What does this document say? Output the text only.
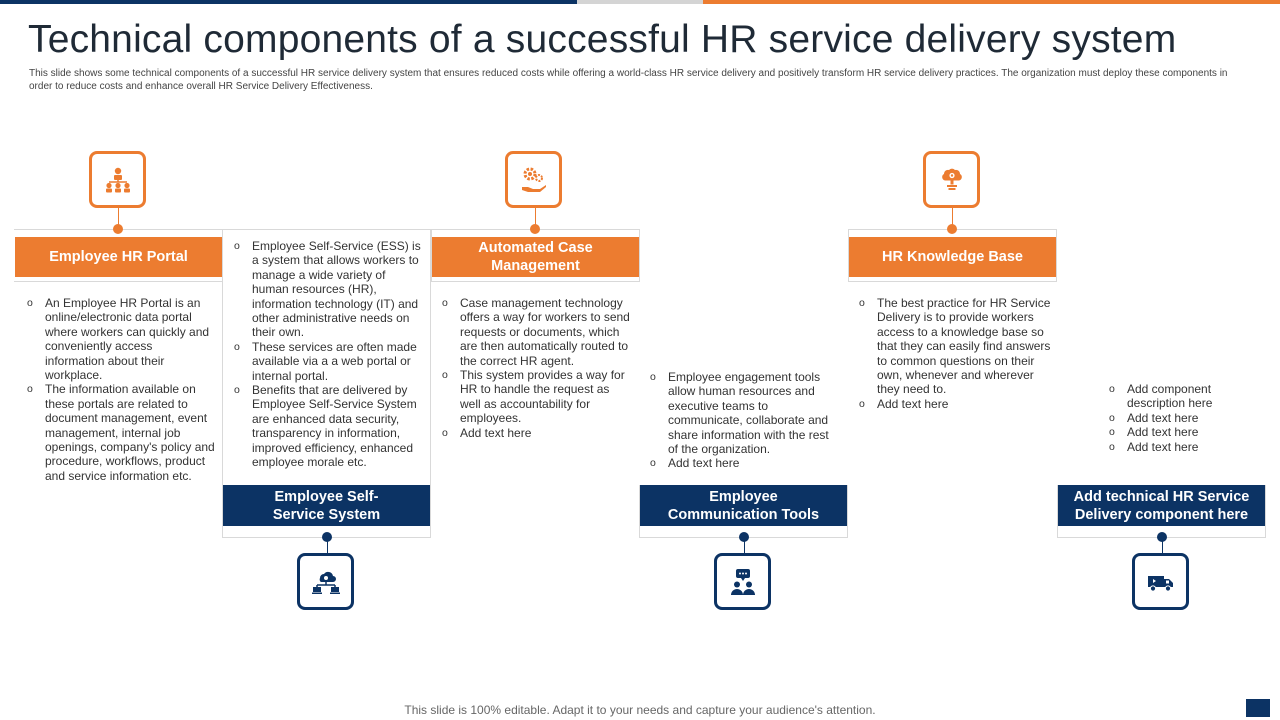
Technical components of a successful HR service delivery system
This slide shows some technical components of a successful HR service delivery system that ensures reduced costs while offering a world-class HR service delivery and positively transform HR service delivery practices. The organization must deploy these components in order to reduce costs and enhance overall HR Service Delivery Effectiveness.
Employee HR Portal
o An Employee HR Portal is an online/electronic data portal where workers can quickly and conveniently access information about their workplace.
o The information available on these portals are related to document management, event management, internal job openings, company's policy and procedure, workflows, product and service information etc.
o Employee Self-Service (ESS) is a system that allows workers to manage a wide variety of human resources (HR), information technology (IT) and other administrative needs on their own.
o These services are often made available via a a web portal or internal portal.
o Benefits that are delivered by Employee Self-Service System are enhanced data security, transparency in information, improved efficiency, enhanced employee morale etc.
Employee Self-Service System
Automated Case Management
o Case management technology offers a way for workers to send requests or documents, which are then automatically routed to the correct HR agent.
o This system provides a way for HR to handle the request as well as accountability for employees.
o Add text here
o Employee engagement tools allow human resources and executive teams to communicate, collaborate and share information with the rest of the organization.
o Add text here
Employee Communication Tools
HR Knowledge Base
o The best practice for HR Service Delivery is to provide workers access to a knowledge base so that they can easily find answers to common questions on their own, whenever and wherever they need to.
o Add text here
o Add component description here
o Add text here
o Add text here
o Add text here
Add technical HR Service Delivery component here
This slide is 100% editable. Adapt it to your needs and capture your audience's attention.
